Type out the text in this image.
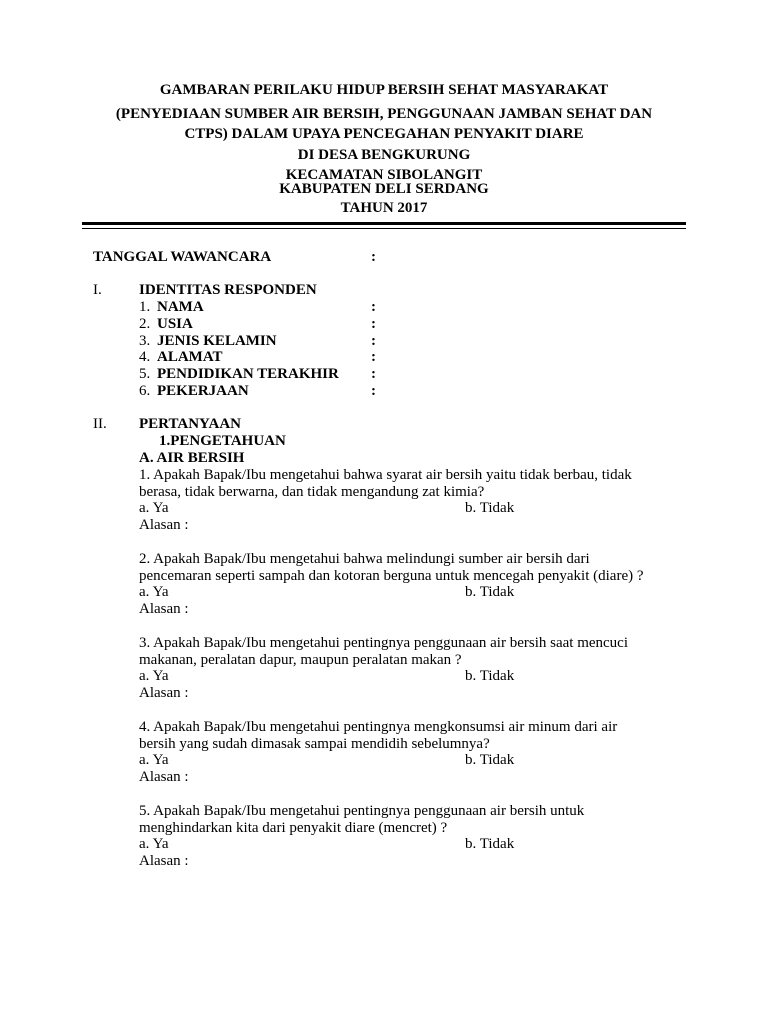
GAMBARAN PERILAKU HIDUP BERSIH SEHAT MASYARAKAT
(PENYEDIAAN SUMBER AIR BERSIH, PENGGUNAAN JAMBAN SEHAT DAN
CTPS) DALAM UPAYA PENCEGAHAN PENYAKIT DIARE
DI DESA BENGKURUNG
KECAMATAN SIBOLANGIT
KABUPATEN DELI SERDANG
TAHUN 2017
TANGGAL WAWANCARA	:
I. IDENTITAS RESPONDEN
1. NAMA	:
2. USIA	:
3. JENIS KELAMIN	:
4. ALAMAT	:
5. PENDIDIKAN TERAKHIR :
6. PEKERJAAN	:
II. PERTANYAAN
1.PENGETAHUAN
A. AIR BERSIH
1. Apakah Bapak/Ibu mengetahui bahwa syarat air bersih yaitu tidak berbau, tidak
berasa, tidak berwarna, dan tidak mengandung zat kimia?
a. Ya	b. Tidak
Alasan :
2. Apakah Bapak/Ibu mengetahui bahwa melindungi sumber air bersih dari
pencemaran seperti sampah dan kotoran berguna untuk mencegah penyakit (diare) ?
a. Ya	b. Tidak
Alasan :
3. Apakah Bapak/Ibu mengetahui pentingnya penggunaan air bersih saat mencuci
makanan, peralatan dapur, maupun peralatan makan ?
a. Ya	b. Tidak
Alasan :
4. Apakah Bapak/Ibu mengetahui pentingnya mengkonsumsi air minum dari air
bersih yang sudah dimasak sampai mendidih sebelumnya?
a. Ya	b. Tidak
Alasan :
5. Apakah Bapak/Ibu mengetahui pentingnya penggunaan air bersih untuk
menghindarkan kita dari penyakit diare (mencret) ?
a. Ya	b. Tidak
Alasan :
